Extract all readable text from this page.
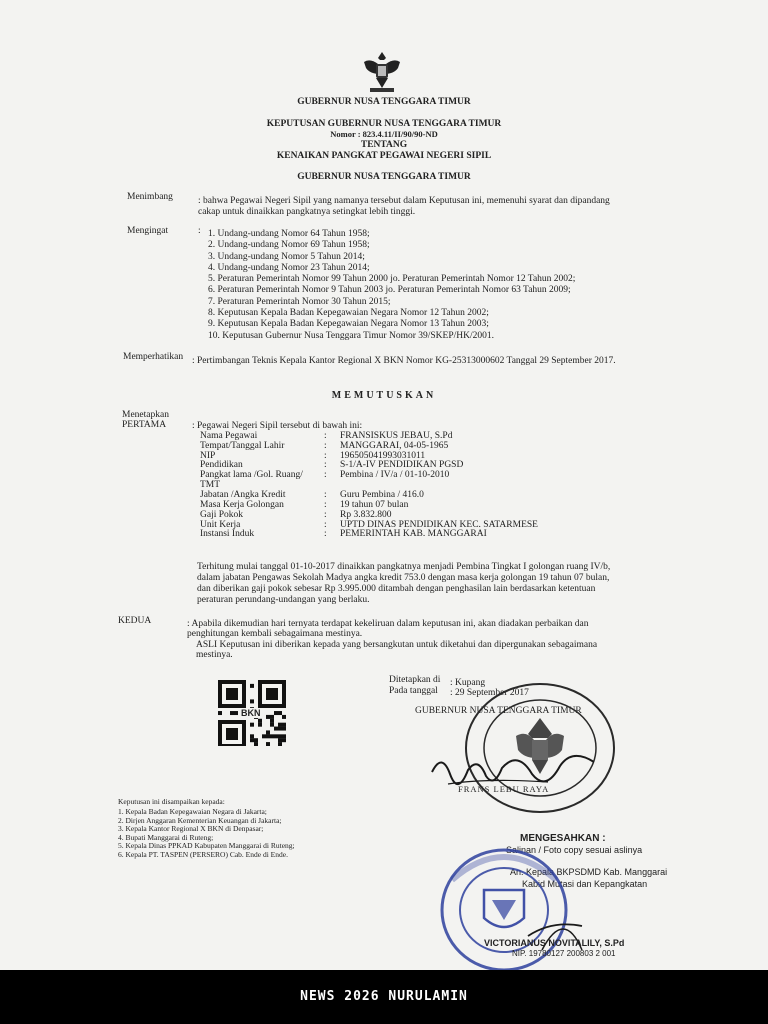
GUBERNUR NUSA TENGGARA TIMUR
KEPUTUSAN GUBERNUR NUSA TENGGARA TIMUR
Nomor : 823.4.11/II/90/90-ND
TENTANG
KENAIKAN PANGKAT PEGAWAI NEGERI SIPIL
GUBERNUR NUSA TENGGARA TIMUR
Menimbang	: bahwa Pegawai Negeri Sipil yang namanya tersebut dalam Keputusan ini, memenuhi syarat dan dipandang cakap untuk dinaikkan pangkatnya setingkat lebih tinggi.
Mengingat	: 1. Undang-undang Nomor 64 Tahun 1958;
2. Undang-undang Nomor 69 Tahun 1958;
3. Undang-undang Nomor 5 Tahun 2014;
4. Undang-undang Nomor 23 Tahun 2014;
5. Peraturan Pemerintah Nomor 99 Tahun 2000 jo. Peraturan Pemerintah Nomor 12 Tahun 2002;
6. Peraturan Pemerintah Nomor 9 Tahun 2003 jo. Peraturan Pemerintah Nomor 63 Tahun 2009;
7. Peraturan Pemerintah Nomor 30 Tahun 2015;
8. Keputusan Kepala Badan Kepegawaian Negara Nomor 12 Tahun 2002;
9. Keputusan Kepala Badan Kepegawaian Negara Nomor 13 Tahun 2003;
10. Keputusan Gubernur Nusa Tenggara Timur Nomor 39/SKEP/HK/2001.
Memperhatikan : Pertimbangan Teknis Kepala Kantor Regional X BKN Nomor KG-25313000602 Tanggal 29 September 2017.
MEMUTUSKAN
Menetapkan
PERTAMA	: Pegawai Negeri Sipil tersebut di bawah ini:
Nama Pegawai	: FRANSISKUS JEBAU, S.Pd
Tempat/Tanggal Lahir	: MANGGARAI, 04-05-1965
NIP	: 196505041993031011
Pendidikan	: S-1/A-IV PENDIDIKAN PGSD
Pangkat lama /Gol. Ruang/ TMT: Pembina / IV/a / 01-10-2010
Jabatan /Angka Kredit	: Guru Pembina / 416.0
Masa Kerja Golongan	: 19 tahun 07 bulan
Gaji Pokok	: Rp 3.832.800
Unit Kerja	: UPTD DINAS PENDIDIKAN KEC. SATARMESE
Instansi Induk	: PEMERINTAH KAB. MANGGARAI
Terhitung mulai tanggal 01-10-2017 dinaikkan pangkatnya menjadi Pembina Tingkat I golongan ruang IV/b, dalam jabatan Pengawas Sekolah Madya angka kredit 753.0 dengan masa kerja golongan 19 tahun 07 bulan, dan diberikan gaji pokok sebesar Rp 3.995.000 ditambah dengan penghasilan lain berdasarkan ketentuan peraturan perundang-undangan yang berlaku.
KEDUA	: Apabila dikemudian hari ternyata terdapat kekeliruan dalam keputusan ini, akan diadakan perbaikan dan penghitungan kembali sebagaimana mestinya.
ASLI Keputusan ini diberikan kepada yang bersangkutan untuk diketahui dan dipergunakan sebagaimana mestinya.
BKN
Ditetapkan di : Kupang
Pada tanggal : 29 September 2017
GUBERNUR NUSA TENGGARA TIMUR
FRANS LEBU RAYA
Keputusan ini disampaikan kepada:
1. Kepala Badan Kepegawaian Negara di Jakarta;
2. Dirjen Anggaran Kementerian Keuangan di Jakarta;
3. Kepala Kantor Regional X BKN di Denpasar;
4. Bupati Manggarai di Ruteng;
5. Kepala Dinas PPKAD Kabupaten Manggarai di Ruteng;
6. Kepala PT. TASPEN (PERSERO) Cab. Ende di Ende.
MENGESAHKAN :
Salinan / Foto copy sesuai aslinya
An. Kepala BKPSDMD Kab. Manggarai
Kabid Mutasi dan Kepangkatan
VICTORIANUS NOVITALILY, S.Pd
NIP. 19780127 200803 2 001
NEWS 2026 NURULAMIN
